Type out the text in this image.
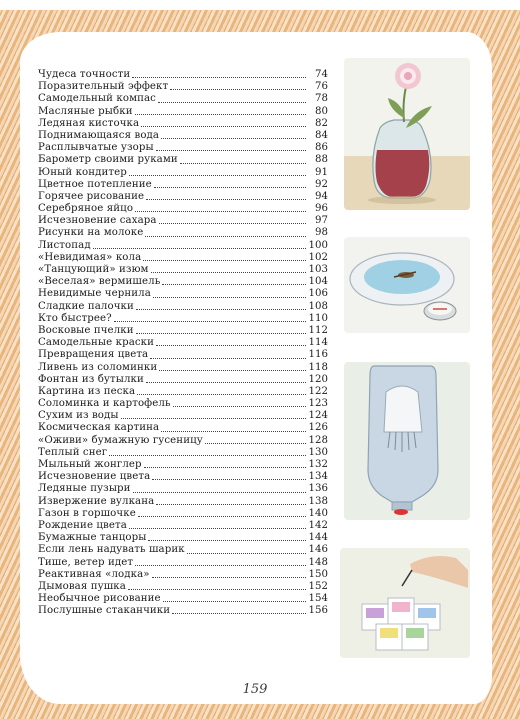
Чудеса точности	74
Поразительный эффект	76
Самодельный компас	78
Масляные рыбки	80
Ледяная кисточка	82
Поднимающаяся вода	84
Расплывчатые узоры	86
Барометр своими руками	88
Юный кондитер	91
Цветное потепление	92
Горячее рисование	94
Серебряное яйцо	96
Исчезновение сахара	97
Рисунки на молоке	98
Листопад	100
«Невидимая» кола	102
«Танцующий» изюм	103
«Веселая» вермишель	104
Невидимые чернила	106
Сладкие палочки	108
Кто быстрее?	110
Восковые пчелки	112
Самодельные краски	114
Превращения цвета	116
Ливень из соломинки	118
Фонтан из бутылки	120
Картина из песка	122
Соломинка и картофель	123
Сухим из воды	124
Космическая картина	126
«Оживи» бумажную гусеницу	128
Теплый снег	130
Мыльный жонглер	132
Исчезновение цвета	134
Ледяные пузыри	136
Извержение вулкана	138
Газон в горшочке	140
Рождение цвета	142
Бумажные танцоры	144
Если лень надувать шарик	146
Тише, ветер идет	148
Реактивная «лодка»	150
Дымовая пушка	152
Необычное рисование	154
Послушные стаканчики	156
159
